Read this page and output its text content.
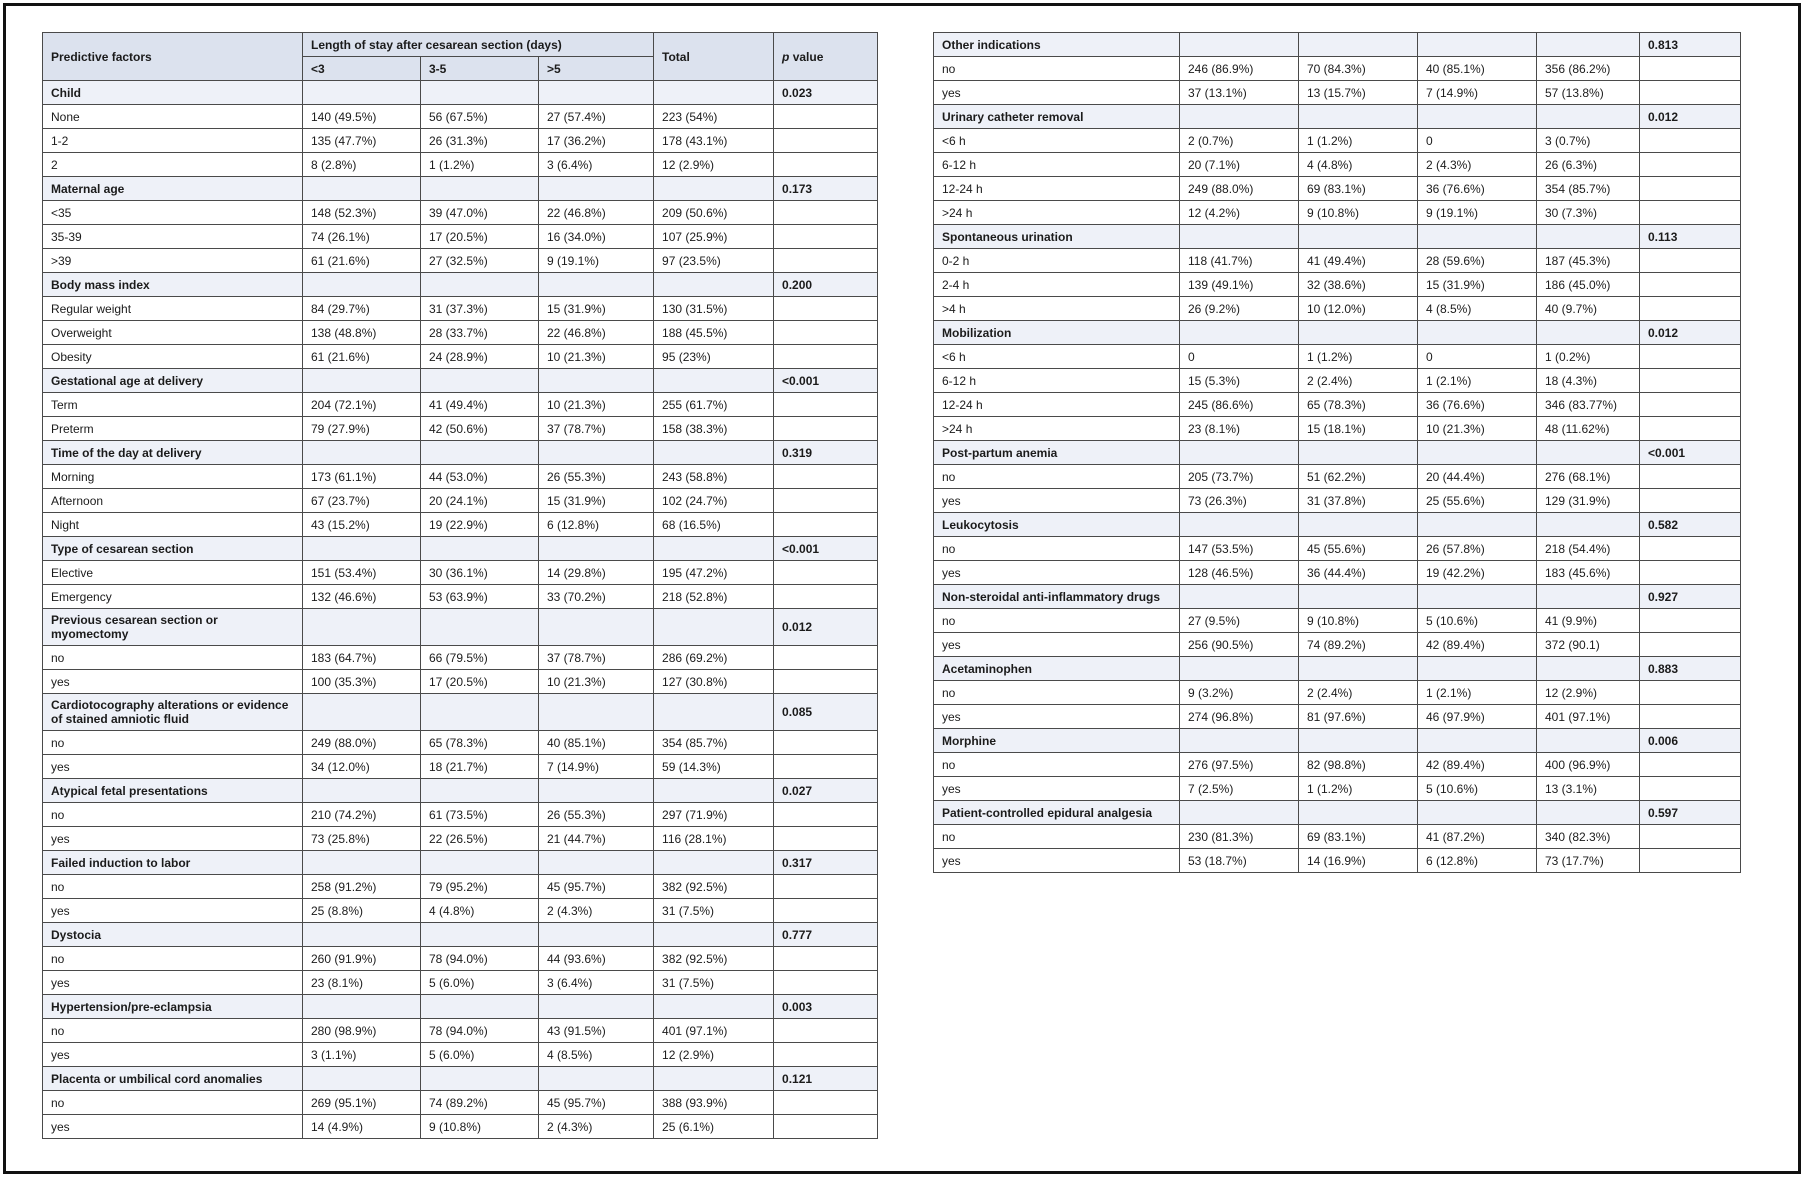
Predictive factors	Length of stay after cesarean section (days)			Total	p value
	<3	3-5	>5		
Child					0.023
None	140 (49.5%)	56 (67.5%)	27 (57.4%)	223 (54%)	
1-2	135 (47.7%)	26 (31.3%)	17 (36.2%)	178 (43.1%)	
2	8 (2.8%)	1 (1.2%)	3 (6.4%)	12 (2.9%)	
Maternal age					0.173
<35	148 (52.3%)	39 (47.0%)	22 (46.8%)	209 (50.6%)	
35-39	74 (26.1%)	17 (20.5%)	16 (34.0%)	107 (25.9%)	
>39	61 (21.6%)	27 (32.5%)	9 (19.1%)	97 (23.5%)	
Body mass index					0.200
Regular weight	84 (29.7%)	31 (37.3%)	15 (31.9%)	130 (31.5%)	
Overweight	138 (48.8%)	28 (33.7%)	22 (46.8%)	188 (45.5%)	
Obesity	61 (21.6%)	24 (28.9%)	10 (21.3%)	95 (23%)	
Gestational age at delivery					<0.001
Term	204 (72.1%)	41 (49.4%)	10 (21.3%)	255 (61.7%)	
Preterm	79 (27.9%)	42 (50.6%)	37 (78.7%)	158 (38.3%)	
Time of the day at delivery					0.319
Morning	173 (61.1%)	44 (53.0%)	26 (55.3%)	243 (58.8%)	
Afternoon	67 (23.7%)	20 (24.1%)	15 (31.9%)	102 (24.7%)	
Night	43 (15.2%)	19 (22.9%)	6 (12.8%)	68 (16.5%)	
Type of cesarean section					<0.001
Elective	151 (53.4%)	30 (36.1%)	14 (29.8%)	195 (47.2%)	
Emergency	132 (46.6%)	53 (63.9%)	33 (70.2%)	218 (52.8%)	
Previous cesarean section or myomectomy					0.012
no	183 (64.7%)	66 (79.5%)	37 (78.7%)	286 (69.2%)	
yes	100 (35.3%)	17 (20.5%)	10 (21.3%)	127 (30.8%)	
Cardiotocography alterations or evidence of stained amniotic fluid					0.085
no	249 (88.0%)	65 (78.3%)	40 (85.1%)	354 (85.7%)	
yes	34 (12.0%)	18 (21.7%)	7 (14.9%)	59 (14.3%)	
Atypical fetal presentations					0.027
no	210 (74.2%)	61 (73.5%)	26 (55.3%)	297 (71.9%)	
yes	73 (25.8%)	22 (26.5%)	21 (44.7%)	116 (28.1%)	
Failed induction to labor					0.317
no	258 (91.2%)	79 (95.2%)	45 (95.7%)	382 (92.5%)	
yes	25 (8.8%)	4 (4.8%)	2 (4.3%)	31 (7.5%)	
Dystocia					0.777
no	260 (91.9%)	78 (94.0%)	44 (93.6%)	382 (92.5%)	
yes	23 (8.1%)	5 (6.0%)	3 (6.4%)	31 (7.5%)	
Hypertension/pre-eclampsia					0.003
no	280 (98.9%)	78 (94.0%)	43 (91.5%)	401 (97.1%)	
yes	3 (1.1%)	5 (6.0%)	4 (8.5%)	12 (2.9%)	
Placenta or umbilical cord anomalies					0.121
no	269 (95.1%)	74 (89.2%)	45 (95.7%)	388 (93.9%)	
yes	14 (4.9%)	9 (10.8%)	2 (4.3%)	25 (6.1%)	
Other indications					0.813
no	246 (86.9%)	70 (84.3%)	40 (85.1%)	356 (86.2%)	
yes	37 (13.1%)	13 (15.7%)	7 (14.9%)	57 (13.8%)	
Urinary catheter removal					0.012
<6 h	2 (0.7%)	1 (1.2%)	0	3 (0.7%)	
6-12 h	20 (7.1%)	4 (4.8%)	2 (4.3%)	26 (6.3%)	
12-24 h	249 (88.0%)	69 (83.1%)	36 (76.6%)	354 (85.7%)	
>24 h	12 (4.2%)	9 (10.8%)	9 (19.1%)	30 (7.3%)	
Spontaneous urination					0.113
0-2 h	118 (41.7%)	41 (49.4%)	28 (59.6%)	187 (45.3%)	
2-4 h	139 (49.1%)	32 (38.6%)	15 (31.9%)	186 (45.0%)	
>4 h	26 (9.2%)	10 (12.0%)	4 (8.5%)	40 (9.7%)	
Mobilization					0.012
<6 h	0	1 (1.2%)	0	1 (0.2%)	
6-12 h	15 (5.3%)	2 (2.4%)	1 (2.1%)	18 (4.3%)	
12-24 h	245 (86.6%)	65 (78.3%)	36 (76.6%)	346 (83.77%)	
>24 h	23 (8.1%)	15 (18.1%)	10 (21.3%)	48 (11.62%)	
Post-partum anemia					<0.001
no	205 (73.7%)	51 (62.2%)	20 (44.4%)	276 (68.1%)	
yes	73 (26.3%)	31 (37.8%)	25 (55.6%)	129 (31.9%)	
Leukocytosis					0.582
no	147 (53.5%)	45 (55.6%)	26 (57.8%)	218 (54.4%)	
yes	128 (46.5%)	36 (44.4%)	19 (42.2%)	183 (45.6%)	
Non-steroidal anti-inflammatory drugs					0.927
no	27 (9.5%)	9 (10.8%)	5 (10.6%)	41 (9.9%)	
yes	256 (90.5%)	74 (89.2%)	42 (89.4%)	372 (90.1)	
Acetaminophen					0.883
no	9 (3.2%)	2 (2.4%)	1 (2.1%)	12 (2.9%)	
yes	274 (96.8%)	81 (97.6%)	46 (97.9%)	401 (97.1%)	
Morphine					0.006
no	276 (97.5%)	82 (98.8%)	42 (89.4%)	400 (96.9%)	
yes	7 (2.5%)	1 (1.2%)	5 (10.6%)	13 (3.1%)	
Patient-controlled epidural analgesia					0.597
no	230 (81.3%)	69 (83.1%)	41 (87.2%)	340 (82.3%)	
yes	53 (18.7%)	14 (16.9%)	6 (12.8%)	73 (17.7%)	
